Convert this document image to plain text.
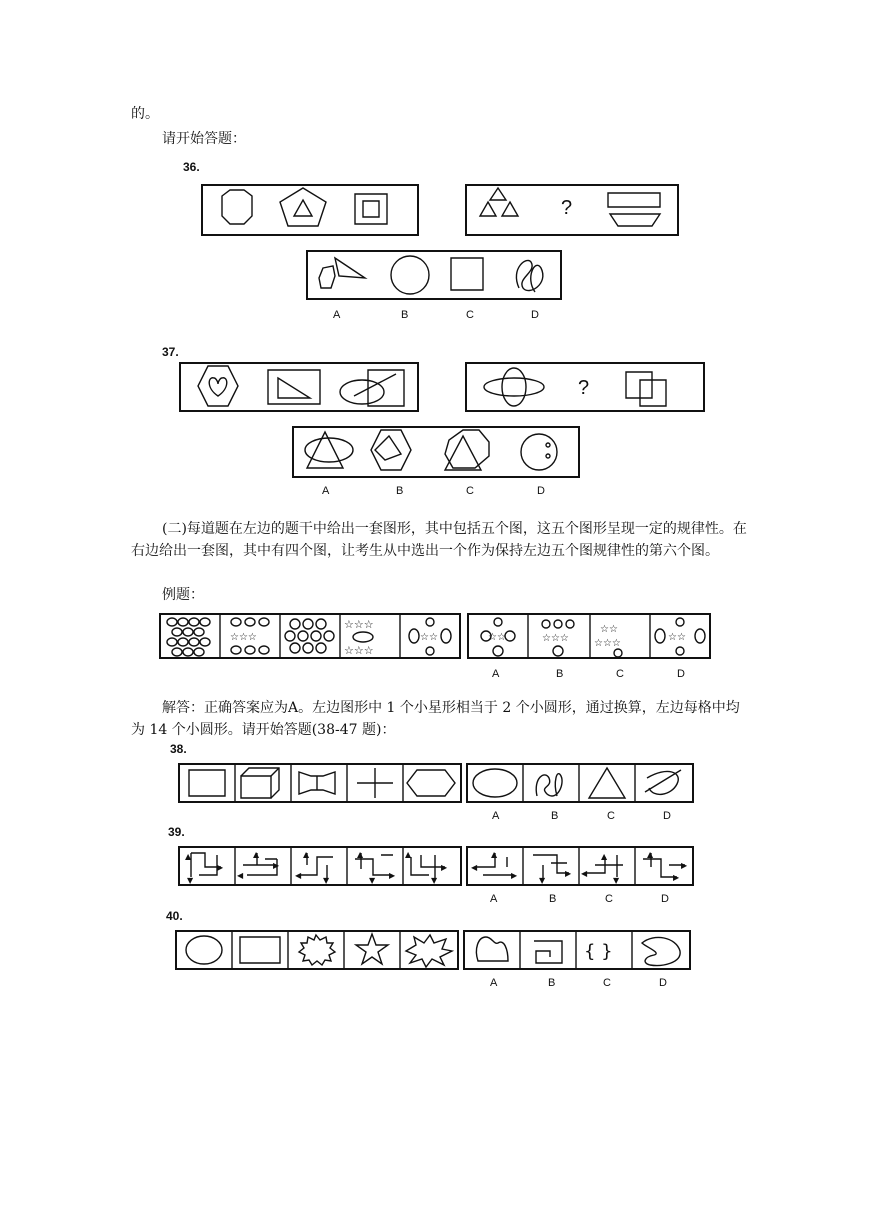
的。
请开始答题：
36.
?
A	B	C	D
37.
?
A	B	C	D
(二)每道题在左边的题干中给出一套图形，其中包括五个图，这五个图形呈现一定的规律性。在右边给出一套图，其中有四个图，让考生从中选出一个作为保持左边五个图规律性的第六个图。
例题：
☆☆☆
☆☆☆
☆☆☆
☆☆	☆☆	☆☆☆
☆☆
☆☆☆
☆☆
A	B	C	D
解答：正确答案应为A。左边图形中 1 个小星形相当于 2 个小圆形，通过换算，左边每格中均为 14 个小圆形。请开始答题(38-47 题)：
38.
A	B	C	D
39.
▲
▶
▼
▲
▶
◀
▲
▼
◀	▶
▲
▼
▲
▶
▼
◀
▲
▶	▶
▼
◀
▲
▼
▲
▶
▶
A	B	C	D
40.
{ }
A	B	C	D
